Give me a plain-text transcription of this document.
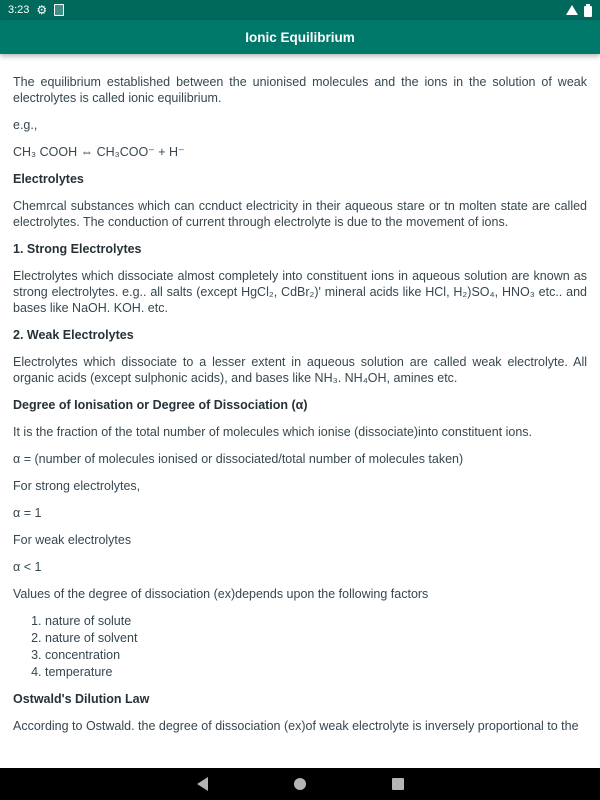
3:23 ⚙
Ionic Equilibrium

The equilibrium established between the unionised molecules and the ions in the solution of weak electrolytes is called ionic equilibrium.

e.g.,

CH₃ COOH ⇔ CH₃COO⁻ + H⁻

Electrolytes

Chemrcal substances which can ccnduct electricity in their aqueous stare or tn molten state are called electrolytes. The conduction of current through electrolyte is due to the movement of ions.

1. Strong Electrolytes

Electrolytes which dissociate almost completely into constituent ions in aqueous solution are known as strong electrolytes. e.g.. all salts (except HgCl₂, CdBr₂)' mineral acids like HCl, H₂)SO₄, HNO₃ etc.. and bases like NaOH. KOH. etc.

2. Weak Electrolytes

Electrolytes which dissociate to a lesser extent in aqueous solution are called weak electrolyte. All organic acids (except sulphonic acids), and bases like NH₃. NH₄OH, amines etc.

Degree of Ionisation or Degree of Dissociation (α)

It is the fraction of the total number of molecules which ionise (dissociate)into constituent ions.

α = (number of molecules ionised or dissociated/total number of molecules taken)

For strong electrolytes,

α = 1

For weak electrolytes

α < 1

Values of the degree of dissociation (ex)depends upon the following factors

1. nature of solute
2. nature of solvent
3. concentration
4. temperature
Ostwald's Dilution Law

According to Ostwald. the degree of dissociation (ex)of weak electrolyte is inversely proportional to the
